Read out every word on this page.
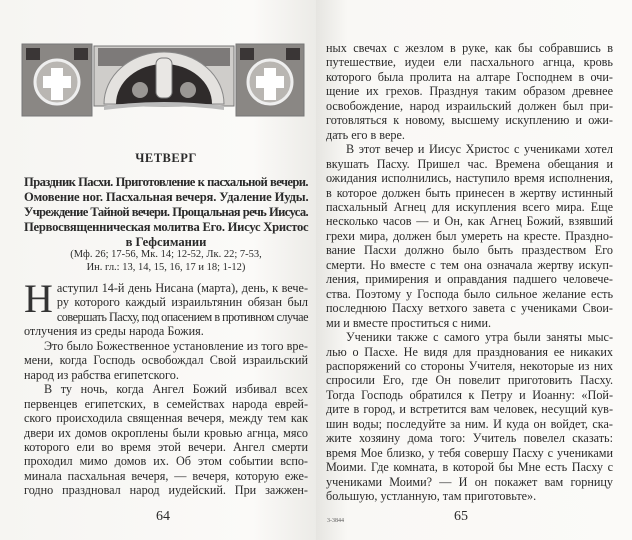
ЧЕТВЕРГ
Праздник Пасхи. Приготовление к пасхальной вечери.
Омовение ног. Пасхальная вечеря. Удаление Иуды.
Учреждение Тайной вечери. Прощальная речь Иисуса.
Первосвященническая молитва Его. Иисус Христос
в Гефсимании
(Мф. 26; 17-56, Мк. 14; 12-52, Лк. 22; 7-53,
Ин. гл.: 13, 14, 15, 16, 17 и 18; 1-12)
Н аступил 14-й день Нисана (марта), день, к вече-
ру которого каждый израильтянин обязан был
совершать Пасху, под опасением в противном случае
отлучения из среды народа Божия.
Это было Божественное установление из того вре-
мени, когда Господь освобождал Свой израильский
народ из рабства египетского.
В ту ночь, когда Ангел Божий избивал всех
первенцев египетских, в семействах народа еврей-
ского происходила священная вечеря, между тем как
двери их домов окроплены были кровью агнца, мясо
которого ели во время этой вечери. Ангел смерти
проходил мимо домов их. Об этом событии вспо-
минала пасхальная вечеря, — вечеря, которую еже-
годно праздновал народ иудейский. При зажжен-
64
ных свечах с жезлом в руке, как бы собравшись в
путешествие, иудеи ели пасхального агнца, кровь
которого была пролита на алтаре Господнем в очи-
щение их грехов. Празднуя таким образом древнее
освобождение, народ израильский должен был при-
готовляться к новому, высшему искуплению и ожи-
дать его в вере.
В этот вечер и Иисус Христос с учениками хотел
вкушать Пасху. Пришел час. Времена обещания и
ожидания исполнились, наступило время исполнения,
в которое должен быть принесен в жертву истинный
пасхальный Агнец для искупления всего мира. Еще
несколько часов — и Он, как Агнец Божий, взявший
грехи мира, должен был умереть на кресте. Праздно-
вание Пасхи должно было быть праздеством Его
смерти. Но вместе с тем она означала жертву искуп-
ления, примирения и оправдания падшего человече-
ства. Поэтому у Господа было сильное желание есть
последнюю Пасху ветхого завета с учениками Свои-
ми и вместе проститься с ними.
Ученики также с самого утра были заняты мыс-
лью о Пасхе. Не видя для празднования ее никаких
распоряжений со стороны Учителя, некоторые из них
спросили Его, где Он повелит приготовить Пасху.
Тогда Господь обратился к Петру и Иоанну: «Пой-
дите в город, и встретится вам человек, несущий кув-
шин воды; последуйте за ним. И куда он войдет, ска-
жите хозяину дома того: Учитель повелел сказать:
время Мое близко, у тебя совершу Пасху с учениками
Моими. Где комната, в которой бы Мне есть Пасху с
учениками Моими? — И он покажет вам горницу
большую, устланную, там приготовьте».
3-3844	65
